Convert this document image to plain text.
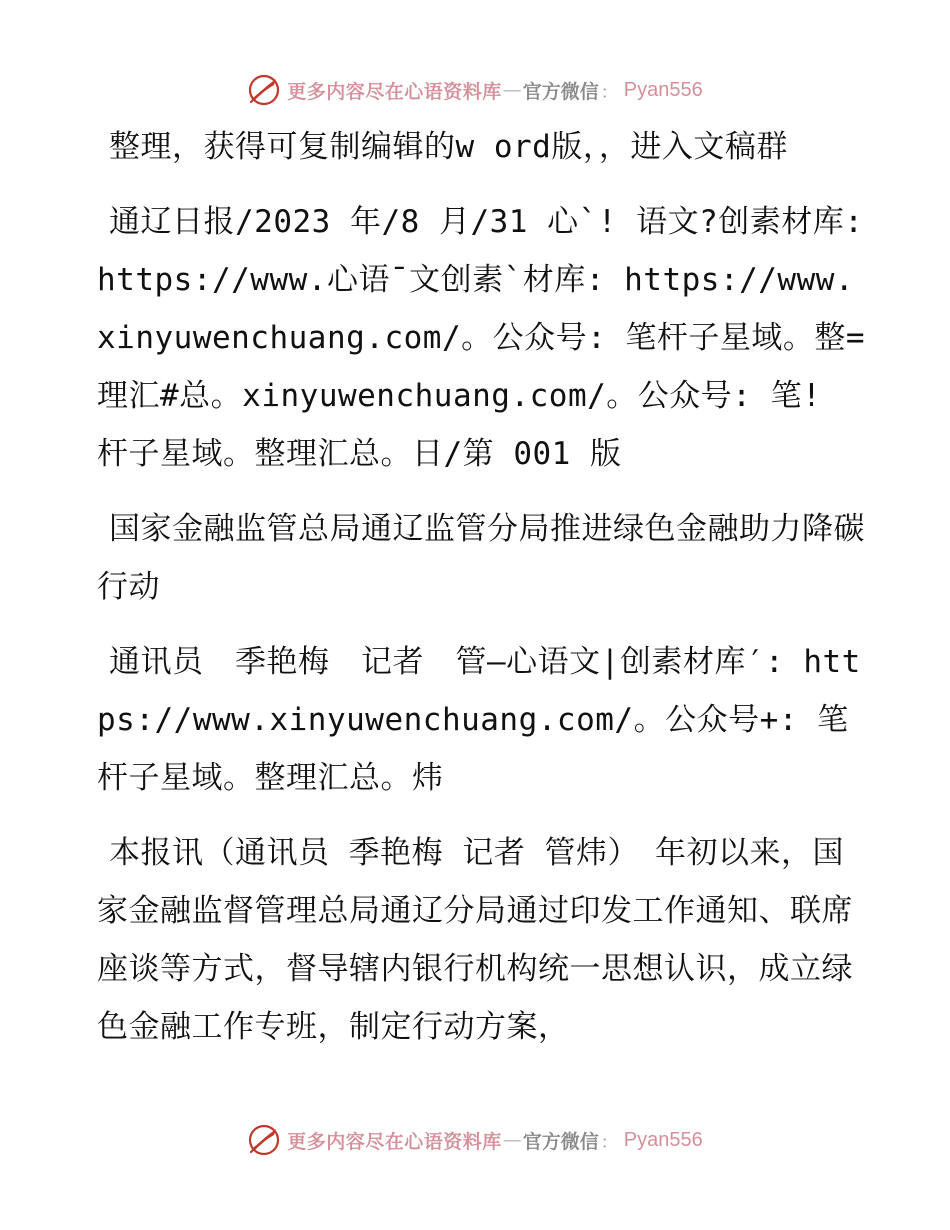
更多内容尽在心语资料库 — 官方微信 ： Pyan556

整理，获得可复制编辑的w ord版，，进入文稿群

通辽日报/2023 年/8 月/31 心`! 语文?创素材库: https://www.心语¯文创素`材库: https://www.xinyuwenchuang.com/。公众号: 笔杆子星域。整=理汇#总。xinyuwenchuang.com/。公众号: 笔! 杆子星域。整理汇总。日/第 001 版

国家金融监管总局通辽监管分局推进绿色金融助力降碳行动

通讯员　季艳梅　记者　管—心语文|创素材库′: https://www.xinyuwenchuang.com/。公众号+: 笔杆子星域。整理汇总。炜

本报讯（通讯员 季艳梅 记者 管炜）　年初以来，国家金融监督管理总局通辽分局通过印发工作通知、联席座谈等方式，督导辖内银行机构统一思想认识，成立绿色金融工作专班，制定行动方案，

更多内容尽在心语资料库 — 官方微信 ： Pyan556
